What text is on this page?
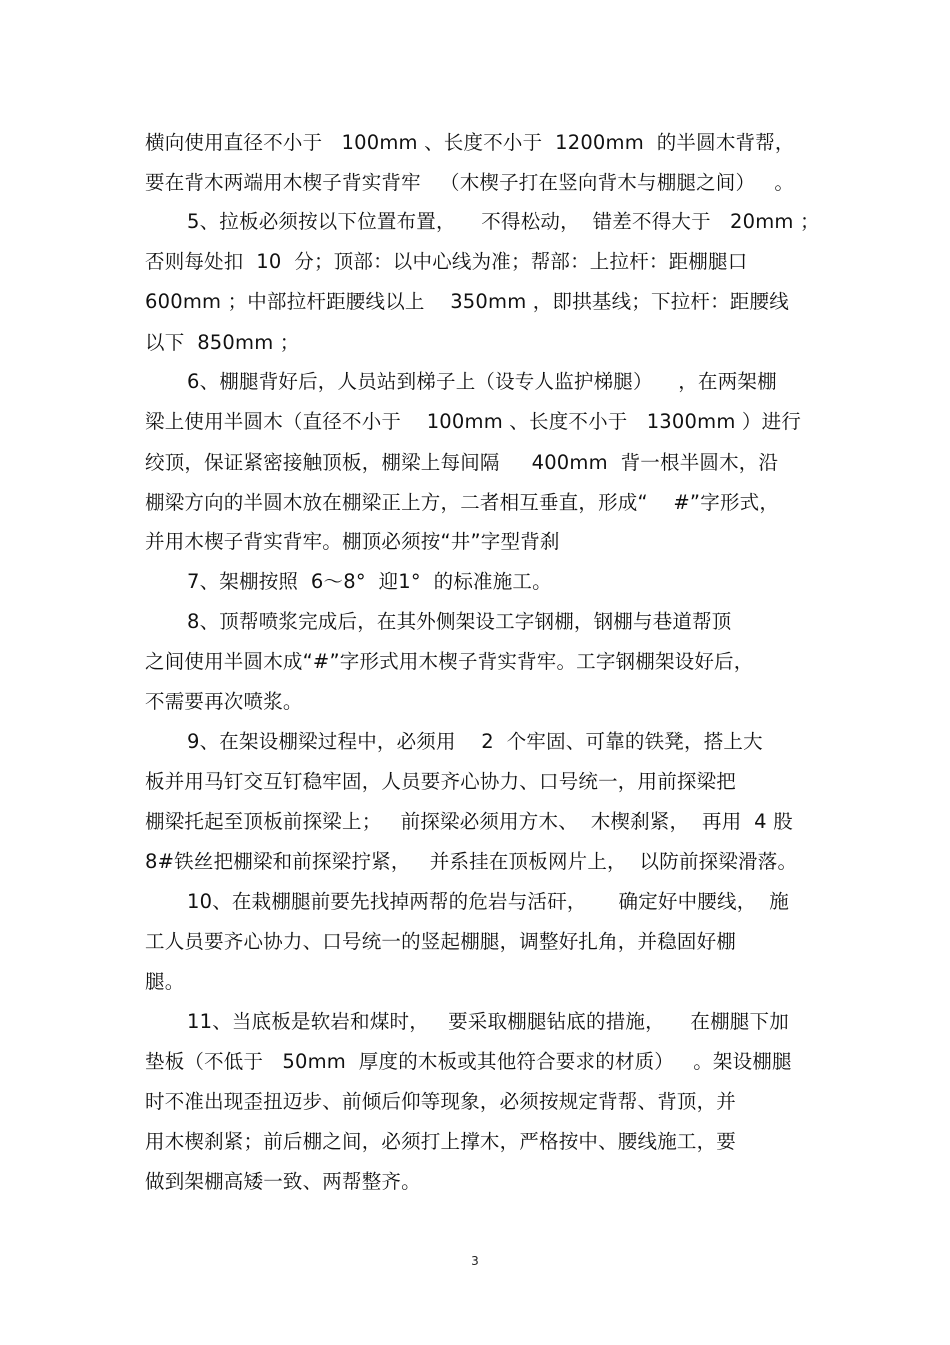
横向使用直径不小于   100mm 、长度不小于  1200mm  的半圆木背帮，
要在背木两端用木楔子背实背牢   （木楔子打在竖向背木与棚腿之间）   。
5、拉板必须按以下位置布置，    不得松动，  错差不得大于   20mm ；
否则每处扣  10  分；顶部：以中心线为准；帮部：上拉杆：距棚腿口
600mm ；中部拉杆距腰线以上    350mm ，即拱基线；下拉杆：距腰线
以下  850mm ；
6、棚腿背好后，人员站到梯子上（设专人监护梯腿）    ，在两架棚
梁上使用半圆木（直径不小于    100mm 、长度不小于   1300mm ）进行
绞顶，保证紧密接触顶板，棚梁上每间隔     400mm  背一根半圆木，沿
棚梁方向的半圆木放在棚梁正上方，二者相互垂直，形成“    #”字形式，
并用木楔子背实背牢。棚顶必须按“井”字型背刹
7、架棚按照  6～8°  迎1°  的标准施工。
8、顶帮喷浆完成后，在其外侧架设工字钢棚，钢棚与巷道帮顶
之间使用半圆木成“#”字形式用木楔子背实背牢。工字钢棚架设好后，
不需要再次喷浆。
9、在架设棚梁过程中，必须用    2  个牢固、可靠的铁凳，搭上大
板并用马钉交互钉稳牢固，人员要齐心协力、口号统一，用前探梁把
棚梁托起至顶板前探梁上；   前探梁必须用方木、  木楔刹紧，  再用  4 股
8#铁丝把棚梁和前探梁拧紧，   并系挂在顶板网片上，  以防前探梁滑落。
10、在栽棚腿前要先找掉两帮的危岩与活矸，     确定好中腰线，  施
工人员要齐心协力、口号统一的竖起棚腿，调整好扎角，并稳固好棚
腿。
11、当底板是软岩和煤时，   要采取棚腿钻底的措施，    在棚腿下加
垫板（不低于   50mm  厚度的木板或其他符合要求的材质）   。架设棚腿
时不准出现歪扭迈步、前倾后仰等现象，必须按规定背帮、背顶，并
用木楔刹紧；前后棚之间，必须打上撑木，严格按中、腰线施工，要
做到架棚高矮一致、两帮整齐。
3
